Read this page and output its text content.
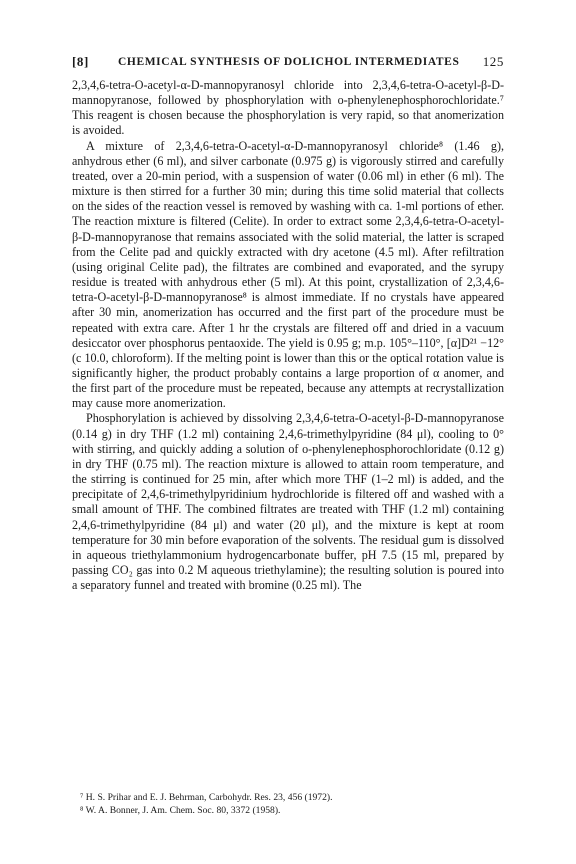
[8]	CHEMICAL SYNTHESIS OF DOLICHOL INTERMEDIATES 125

2,3,4,6-tetra-O-acetyl-α-D-mannopyranosyl chloride into 2,3,4,6-tetra-O-acetyl-β-D-mannopyranose, followed by phosphorylation with o-phenylenephosphorochloridate.⁷ This reagent is chosen because the phosphorylation is very rapid, so that anomerization is avoided.

A mixture of 2,3,4,6-tetra-O-acetyl-α-D-mannopyranosyl chloride⁸ (1.46 g), anhydrous ether (6 ml), and silver carbonate (0.975 g) is vigorously stirred and carefully treated, over a 20-min period, with a suspension of water (0.06 ml) in ether (6 ml). The mixture is then stirred for a further 30 min; during this time solid material that collects on the sides of the reaction vessel is removed by washing with ca. 1-ml portions of ether. The reaction mixture is filtered (Celite). In order to extract some 2,3,4,6-tetra-O-acetyl-β-D-mannopyranose that remains associated with the solid material, the latter is scraped from the Celite pad and quickly extracted with dry acetone (4.5 ml). After refiltration (using original Celite pad), the filtrates are combined and evaporated, and the syrupy residue is treated with anhydrous ether (5 ml). At this point, crystallization of 2,3,4,6-tetra-O-acetyl-β-D-mannopyranose⁸ is almost immediate. If no crystals have appeared after 30 min, anomerization has occurred and the first part of the procedure must be repeated with extra care. After 1 hr the crystals are filtered off and dried in a vacuum desiccator over phosphorus pentaoxide. The yield is 0.95 g; m.p. 105°–110°, [α]D²¹ −12° (c 10.0, chloroform). If the melting point is lower than this or the optical rotation value is significantly higher, the product probably contains a large proportion of α anomer, and the first part of the procedure must be repeated, because any attempts at recrystallization may cause more anomerization.

Phosphorylation is achieved by dissolving 2,3,4,6-tetra-O-acetyl-β-D-mannopyranose (0.14 g) in dry THF (1.2 ml) containing 2,4,6-trimethylpyridine (84 μl), cooling to 0° with stirring, and quickly adding a solution of o-phenylenephosphorochloridate (0.12 g) in dry THF (0.75 ml). The reaction mixture is allowed to attain room temperature, and the stirring is continued for 25 min, after which more THF (1–2 ml) is added, and the precipitate of 2,4,6-trimethylpyridinium hydrochloride is filtered off and washed with a small amount of THF. The combined filtrates are treated with THF (1.2 ml) containing 2,4,6-trimethylpyridine (84 μl) and water (20 μl), and the mixture is kept at room temperature for 30 min before evaporation of the solvents. The residual gum is dissolved in aqueous triethylammonium hydrogencarbonate buffer, pH 7.5 (15 ml, prepared by passing CO₂ gas into 0.2 M aqueous triethylamine); the resulting solution is poured into a separatory funnel and treated with bromine (0.25 ml). The

⁷ H. S. Prihar and E. J. Behrman, Carbohydr. Res. 23, 456 (1972).
⁸ W. A. Bonner, J. Am. Chem. Soc. 80, 3372 (1958).
